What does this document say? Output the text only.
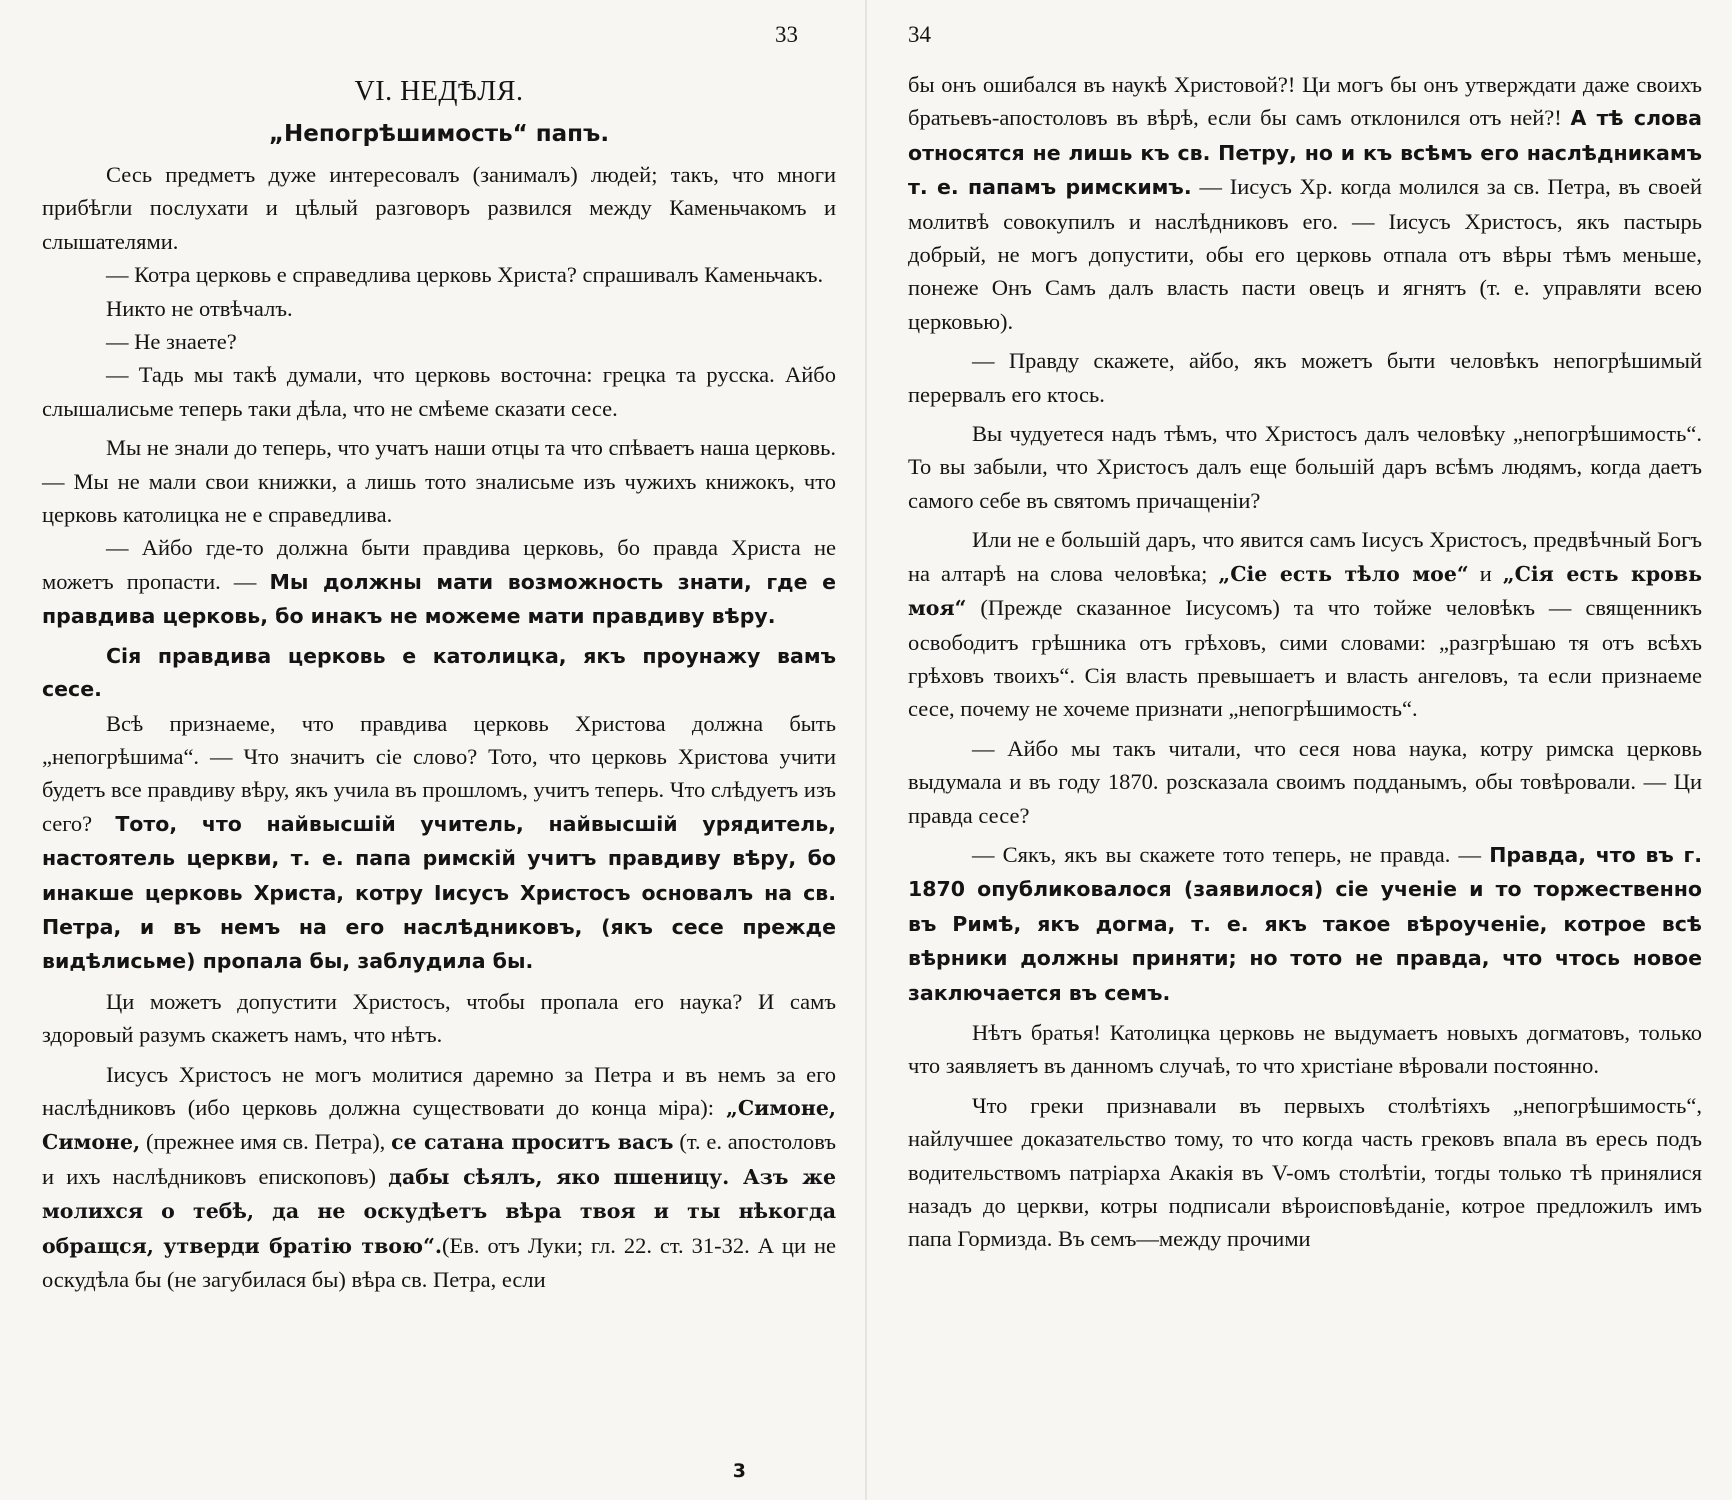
33
VI. НЕДѢЛЯ.
„Непогрѣшимость“ папъ.

Сесь предметъ дуже интересовалъ (занималъ) людей; такъ, что многи прибѣгли послухати и цѣлый разговоръ развился между Каменьчакомъ и слышателями.

— Котра церковь е справедлива церковь Христа? спрашивалъ Каменьчакъ.

Никто не отвѣчалъ.

— Не знаете?

— Тадь мы такѣ думали, что церковь восточна: грецка та русска. Айбо слышалисьме теперь таки дѣла, что не смѣеме сказати сесе.

Мы не знали до теперь, что учатъ наши отцы та что спѣваетъ наша церковь. — Мы не мали свои книжки, а лишь тото зналисьме изъ чужихъ книжокъ, что церковь католицка не е справедлива.

— Айбо где-то должна быти правдива церковь, бо правда Христа не можетъ пропасти. — Мы должны мати возможность знати, где е правдива церковь, бо инакъ не можеме мати правдиву вѣру.

Сія правдива церковь е католицка, якъ проунажу вамъ сесе.

Всѣ признаеме, что правдива церковь Христова должна быть „непогрѣшима“. — Что значитъ сіе слово? Тото, что церковь Христова учити будетъ все правдиву вѣру, якъ учила въ прошломъ, учитъ теперь. Что слѣдуетъ изъ сего? Тото, что найвысшій учитель, найвысшій урядитель, настоятель церкви, т. е. папа римскій учитъ правдиву вѣру, бо инакше церковь Христа, котру Іисусъ Христосъ основалъ на св. Петра, и въ немъ на его наслѣдниковъ, (якъ сесе прежде видѣлисьме) пропала бы, заблудила бы.

Ци можетъ допустити Христосъ, чтобы пропала его наука? И самъ здоровый разумъ скажетъ намъ, что нѣтъ.

Іисусъ Христосъ не могъ молитися даремно за Петра и въ немъ за его наслѣдниковъ (ибо церковь должна существовати до конца міра): „Симоне, Симоне, (прежнее имя св. Петра), се сатана проситъ васъ (т. е. апостоловъ и ихъ наслѣдниковъ епископовъ) дабы сѣялъ, яко пшеницу. Азъ же молихся о тебѣ, да не оскудѣетъ вѣра твоя и ты нѣкогда обращся, утверди братію твою“.(Ев. отъ Луки; гл. 22. ст. 31-32. А ци не оскудѣла бы (не загубилася бы) вѣра св. Петра, если

3
34

бы онъ ошибался въ наукѣ Христовой?! Ци могъ бы онъ утверждати даже своихъ братьевъ-апостоловъ въ вѣрѣ, если бы самъ отклонился отъ ней?! А тѣ слова относятся не лишь къ св. Петру, но и къ всѣмъ его наслѣдникамъ т. е. папамъ римскимъ. — Іисусъ Хр. когда молился за св. Петра, въ своей молитвѣ совокупилъ и наслѣдниковъ его. — Іисусъ Христосъ, якъ пастырь добрый, не могъ допустити, обы его церковь отпала отъ вѣры тѣмъ меньше, понеже Онъ Самъ далъ власть пасти овецъ и ягнятъ (т. е. управляти всею церковью).

— Правду скажете, айбо, якъ можетъ быти человѣкъ непогрѣшимый перервалъ его ктось.

Вы чудуетеся надъ тѣмъ, что Христосъ далъ человѣку „непогрѣшимость“. То вы забыли, что Христосъ далъ еще большій даръ всѣмъ людямъ, когда даетъ самого себе въ святомъ причащеніи?

Или не е большій даръ, что явится самъ Іисусъ Христосъ, предвѣчный Богъ на алтарѣ на слова человѣка; „Сіе есть тѣло мое“ и „Сія есть кровь моя“ (Прежде сказанное Іисусомъ) та что тойже человѣкъ — священникъ освободитъ грѣшника отъ грѣховъ, сими словами: „разгрѣшаю тя отъ всѣхъ грѣховъ твоихъ“. Сія власть превышаетъ и власть ангеловъ, та если признаеме сесе, почему не хочеме признати „непогрѣшимость“.

— Айбо мы такъ читали, что сеся нова наука, котру римска церковь выдумала и въ году 1870. розсказала своимъ подданымъ, обы товѣровали. — Ци правда сесе?

— Сякъ, якъ вы скажете тото теперь, не правда. — Правда, что въ г. 1870 опубликовалося (заявилося) сіе ученіе и то торжественно въ Римѣ, якъ догма, т. е. якъ такое вѣроученіе, котрое всѣ вѣрники должны приняти; но тото не правда, что чтось новое заключается въ семъ.

Нѣтъ братья! Католицка церковь не выдумаетъ новыхъ догматовъ, только что заявляетъ въ данномъ случаѣ, то что христіане вѣровали постоянно.

Что греки признавали въ первыхъ столѣтіяхъ „непогрѣшимость“, найлучшее доказательство тому, то что когда часть грековъ впала въ ересь подъ водительствомъ патріарха Акакія въ V-омъ столѣтіи, тогды только тѣ принялися назадъ до церкви, котры подписали вѣроисповѣданіе, котрое предложилъ имъ папа Гормизда. Въ семъ—между прочими
